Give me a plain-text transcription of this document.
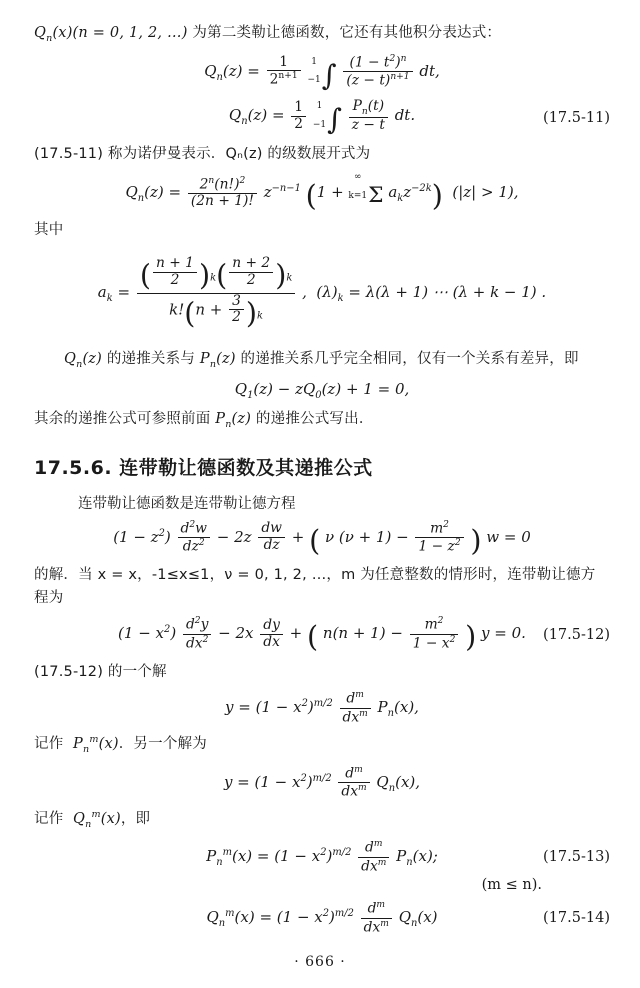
$Q_n(x)(n = 0$, 1, 2, …) 为第二类勒让德函数，它还有其他积分表达式：

$Q_n(z) = \frac{1}{2^{n+1}}$
	1

−1 ∫ $\frac{(1 - t^2)^n}{(z - t)^{n+1}}$ dt,
$Q_n(z) = \frac{1}{2}$
	1

−1 ∫ $\frac{P_n(t)}{z - t}$ dt.	(17.5-11)

(17.5-11) 称为诺伊曼表示．Qₙ(z) 的级数展开式为

$Q_n(z) = \frac{2^n(n!)^2}{(2n + 1)!} z^{-n-1}$ (1 +
∞

k=1 Σ $a_kz^{-2k}$)  (|z| > 1),

其中

$a_k = \frac{( \frac{n + 1}{2} )_k( \frac{n + 2}{2} )_k}{k!(n + \frac{3}{2} )_k}$ ,  $(\lambda)_k = \lambda(\lambda + 1)$ ⋯ (λ + k − 1) .

$Q_n(z)$ 的递推关系与 $P_n(z)$ 的递推关系几乎完全相同，仅有一个关系有差异，即

$Q_1(z) - zQ_0(z) + 1 = 0$,

其余的递推公式可参照前面 $P_n(z)$ 的递推公式写出．

17.5.6. 连带勒让德函数及其递推公式

连带勒让德函数是连带勒让德方程

$(1 - z^2) \frac{d^2w}{dz^2} - 2z \frac{dw}{dz}$ + ( ν $(\nu + 1) - \frac{m^2}{1 - z^2}$ ) w = 0

的解．当 x = x，-1≤x≤1，ν = 0, 1, 2, …，m 为任意整数的情形时，连带勒让德方程为

$(1 - x^2) \frac{d^2y}{dx^2} - 2x \frac{dy}{dx}$ + ( $n(n + 1) - \frac{m^2}{1 - x^2}$ ) y = 0. (17.5-12)

(17.5-12) 的一个解

$y = (1 - x^2)^{m/2} \frac{d^m}{dx^m} P_n(x)$,

记作  $P_n^m(x)$．另一个解为

$y = (1 - x^2)^{m/2} \frac{d^m}{dx^m} Q_n(x)$,

记作  $Q_n^m(x)$，即

$P_n^m(x) = (1 - x^2)^{m/2} \frac{d^m}{dx^m} P_n(x)$;	(17.5-13)
(m ≤ n).
$Q_n^m(x) = (1 - x^2)^{m/2} \frac{d^m}{dx^m} Q_n(x)$	(17.5-14)
· 666 ·
